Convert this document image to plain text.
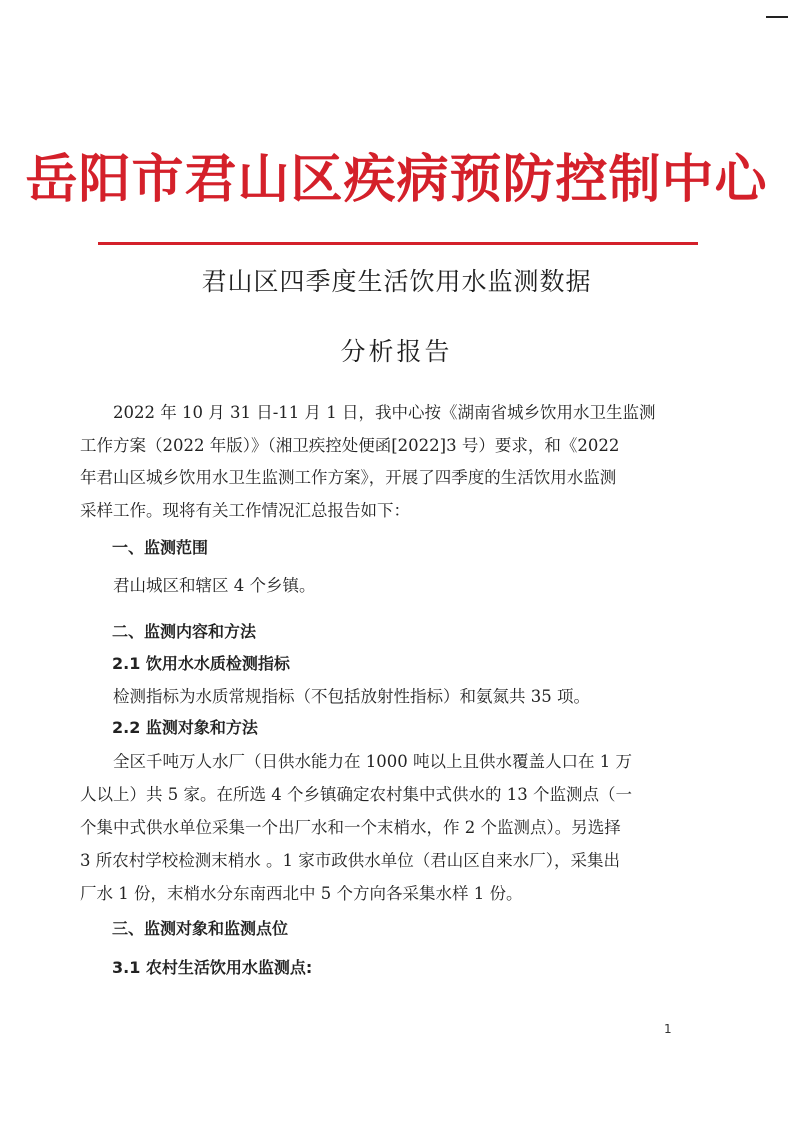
岳阳市君山区疾病预防控制中心
君山区四季度生活饮用水监测数据
分析报告
　　2022 年 10 月 31 日-11 月 1 日，我中心按《湖南省城乡饮用水卫生监测
工作方案（2022 年版）》（湘卫疾控处便函[2022]3 号）要求，和《2022
年君山区城乡饮用水卫生监测工作方案》，开展了四季度的生活饮用水监测
采样工作。现将有关工作情况汇总报告如下：
　　一、监测范围
　　君山城区和辖区 4 个乡镇。
　　二、监测内容和方法
　　2.1 饮用水水质检测指标
　　检测指标为水质常规指标（不包括放射性指标）和氨氮共 35 项。
　　2.2 监测对象和方法
　　全区千吨万人水厂（日供水能力在 1000 吨以上且供水覆盖人口在 1 万
人以上）共 5 家。在所选 4 个乡镇确定农村集中式供水的 13 个监测点（一
个集中式供水单位采集一个出厂水和一个末梢水，作 2 个监测点）。另选择
3 所农村学校检测末梢水 。1 家市政供水单位（君山区自来水厂），采集出
厂水 1 份，末梢水分东南西北中 5 个方向各采集水样 1 份。
　　三、监测对象和监测点位
　　3.1 农村生活饮用水监测点:
1
